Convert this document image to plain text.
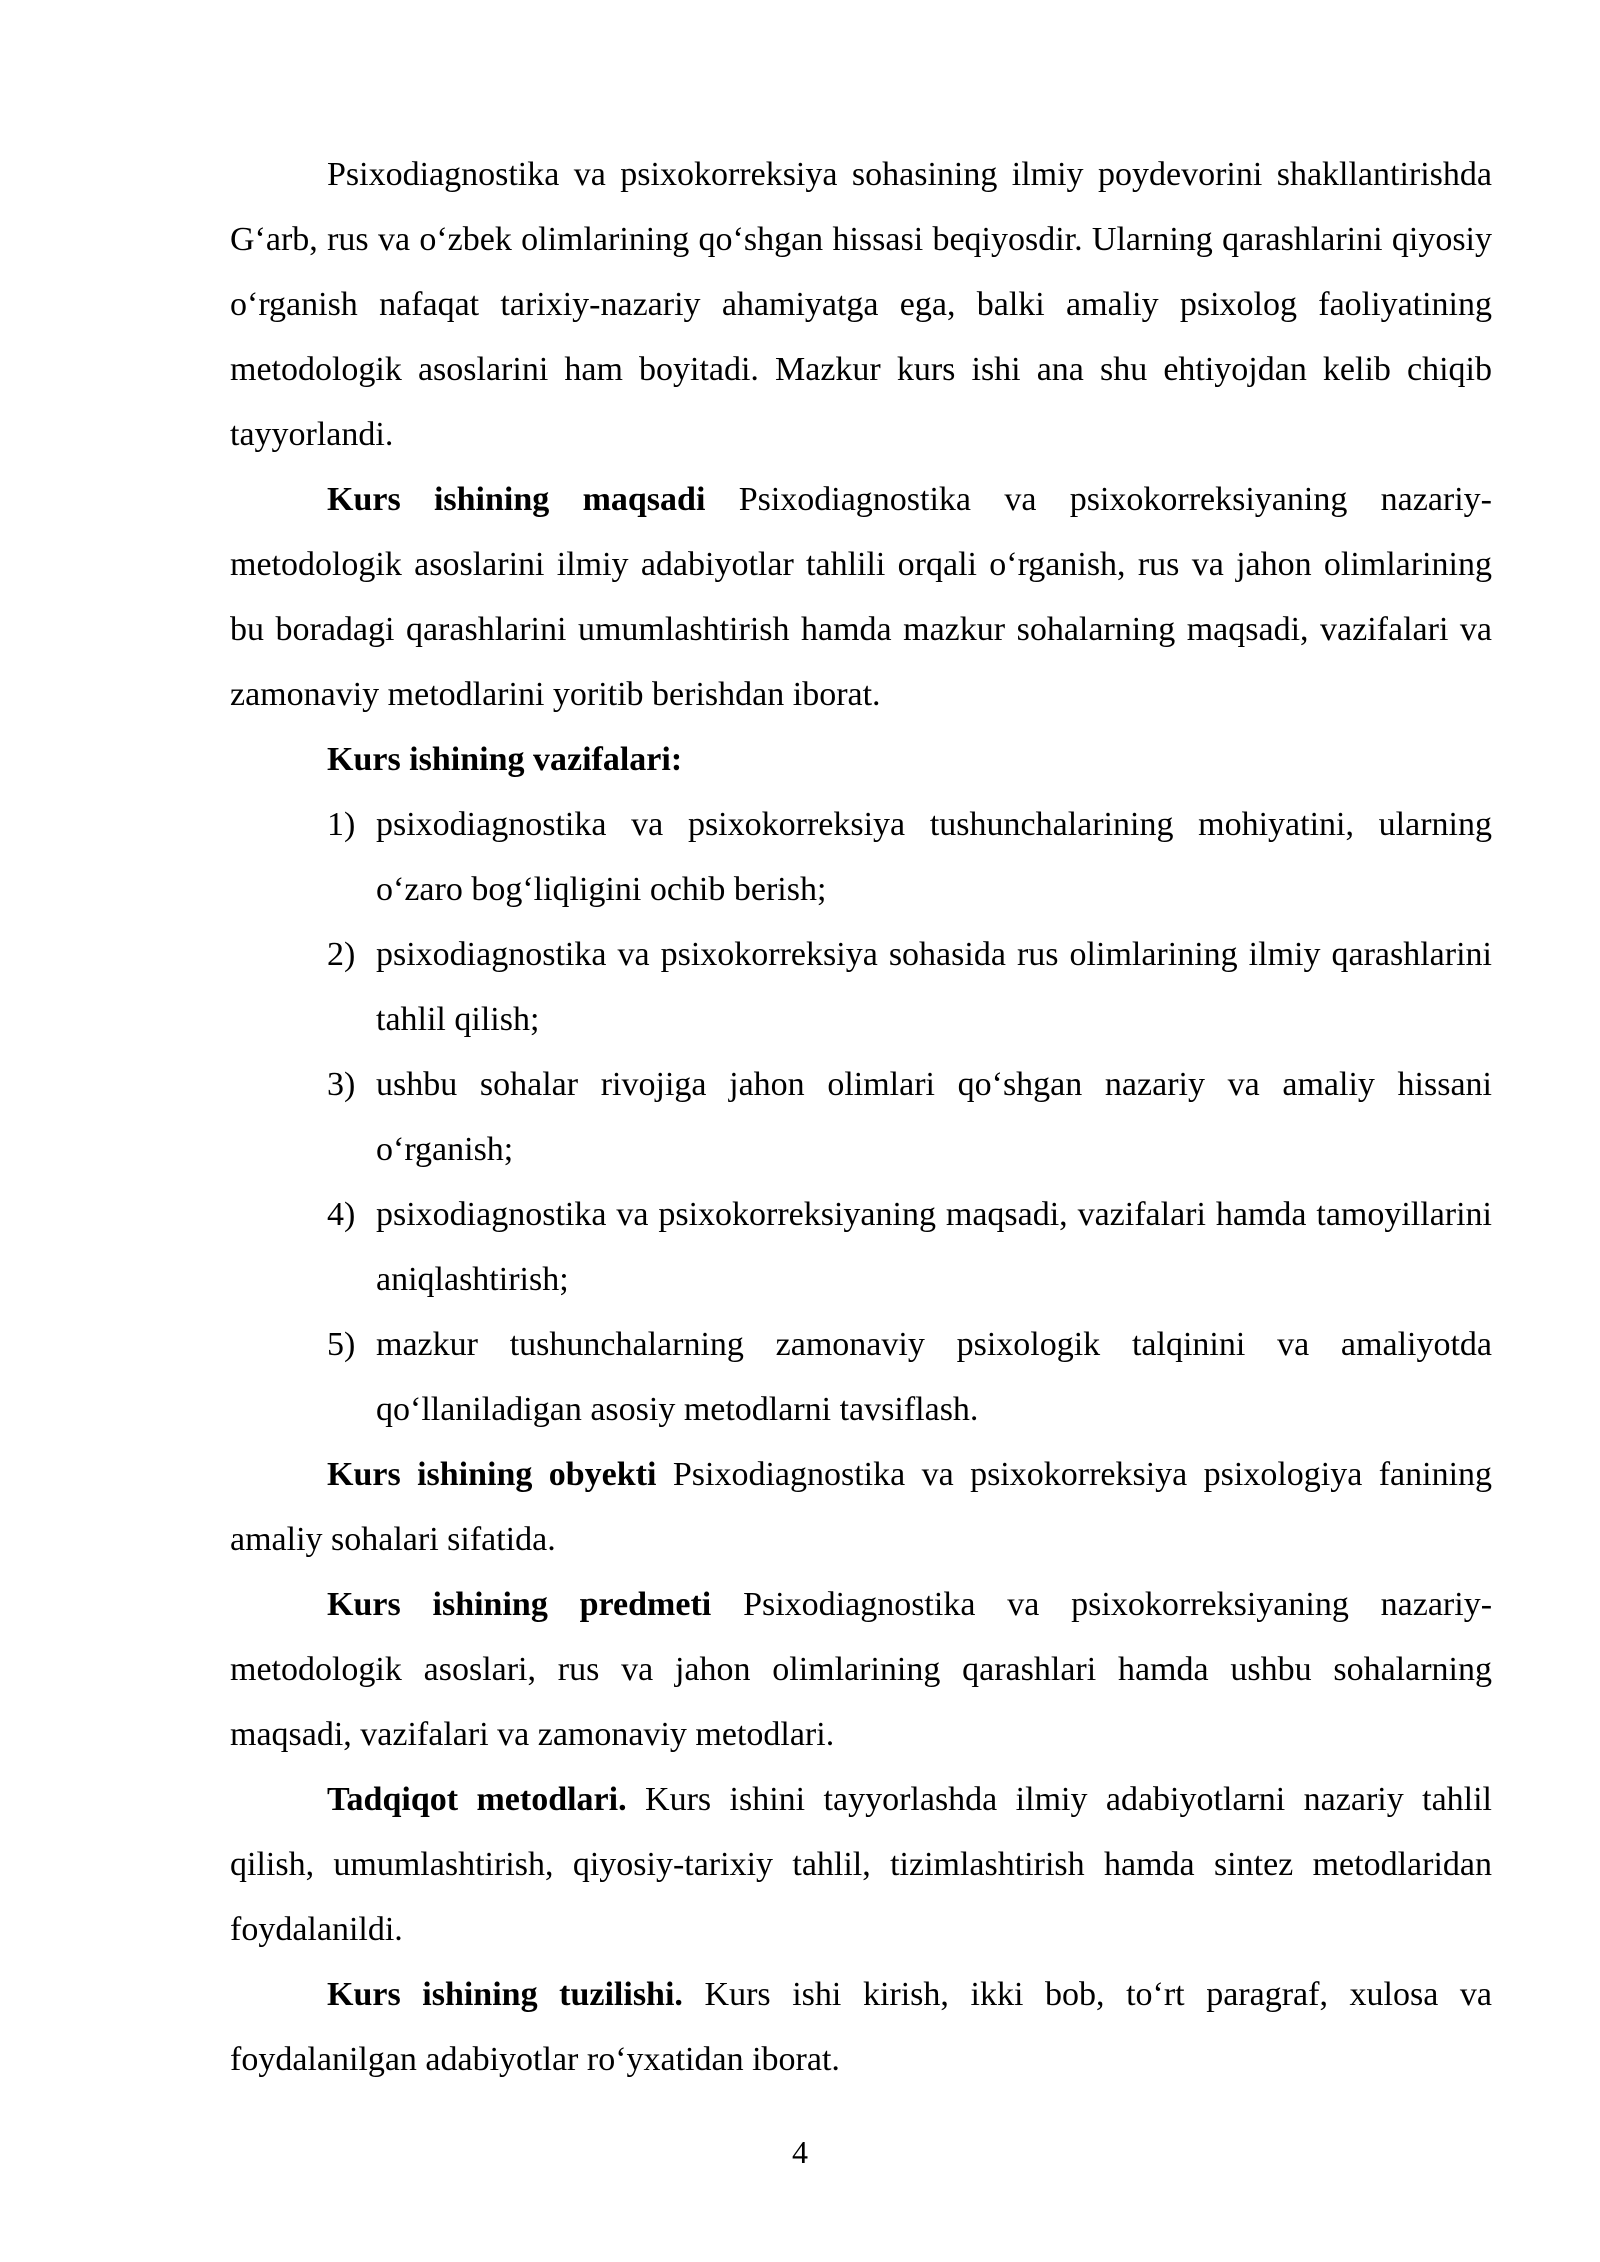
Psixodiagnostika va psixokorreksiya sohasining ilmiy poydevorini shakllantirishda G‘arb, rus va o‘zbek olimlarining qo‘shgan hissasi beqiyosdir. Ularning qarashlarini qiyosiy o‘rganish nafaqat tarixiy-nazariy ahamiyatga ega, balki amaliy psixolog faoliyatining metodologik asoslarini ham boyitadi. Mazkur kurs ishi ana shu ehtiyojdan kelib chiqib tayyorlandi.

Kurs ishining maqsadi Psixodiagnostika va psixokorreksiyaning nazariy-metodologik asoslarini ilmiy adabiyotlar tahlili orqali o‘rganish, rus va jahon olimlarining bu boradagi qarashlarini umumlashtirish hamda mazkur sohalarning maqsadi, vazifalari va zamonaviy metodlarini yoritib berishdan iborat.

Kurs ishining vazifalari:

1) psixodiagnostika va psixokorreksiya tushunchalarining mohiyatini, ularning o‘zaro bog‘liqligini ochib berish;
2) psixodiagnostika va psixokorreksiya sohasida rus olimlarining ilmiy qarashlarini tahlil qilish;
3) ushbu sohalar rivojiga jahon olimlari qo‘shgan nazariy va amaliy hissani o‘rganish;
4) psixodiagnostika va psixokorreksiyaning maqsadi, vazifalari hamda tamoyillarini aniqlashtirish;
5) mazkur tushunchalarning zamonaviy psixologik talqinini va amaliyotda qo‘llaniladigan asosiy metodlarni tavsiflash.

Kurs ishining obyekti Psixodiagnostika va psixokorreksiya psixologiya fanining amaliy sohalari sifatida.

Kurs ishining predmeti Psixodiagnostika va psixokorreksiyaning nazariy-metodologik asoslari, rus va jahon olimlarining qarashlari hamda ushbu sohalarning maqsadi, vazifalari va zamonaviy metodlari.

Tadqiqot metodlari. Kurs ishini tayyorlashda ilmiy adabiyotlarni nazariy tahlil qilish, umumlashtirish, qiyosiy-tarixiy tahlil, tizimlashtirish hamda sintez metodlaridan foydalanildi.

Kurs ishining tuzilishi. Kurs ishi kirish, ikki bob, to‘rt paragraf, xulosa va foydalanilgan adabiyotlar ro‘yxatidan iborat.

4
